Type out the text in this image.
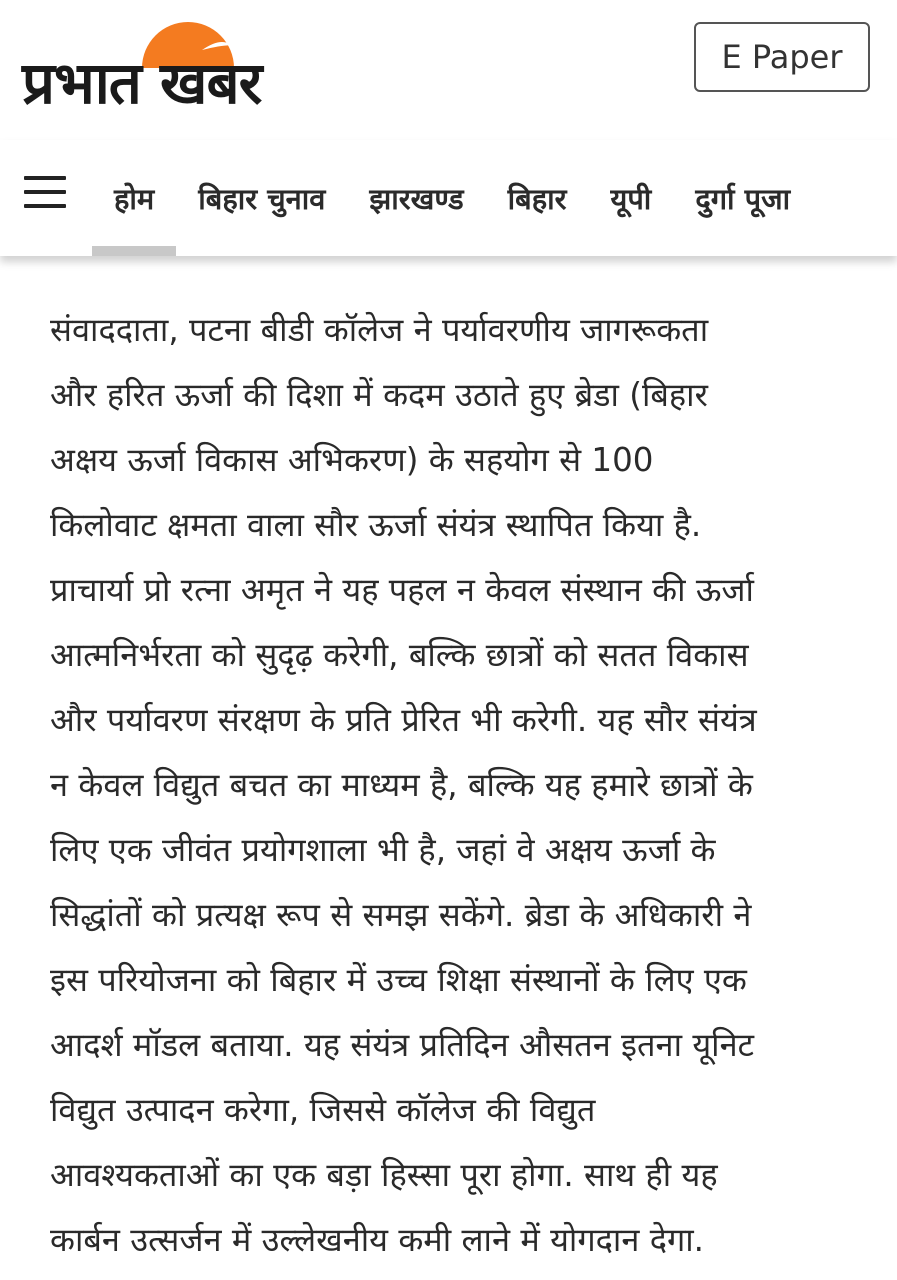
प्रभात खबर	E Paper
होम	बिहार चुनाव	झारखण्ड	बिहार	यूपी	दुर्गा पूजा
संवाददाता, पटना बीडी कॉलेज ने पर्यावरणीय जागरूकता
और हरित ऊर्जा की दिशा में कदम उठाते हुए ब्रेडा (बिहार
अक्षय ऊर्जा विकास अभिकरण) के सहयोग से 100
किलोवाट क्षमता वाला सौर ऊर्जा संयंत्र स्थापित किया है.
प्राचार्या प्रो रत्ना अमृत ने यह पहल न केवल संस्थान की ऊर्जा
आत्मनिर्भरता को सुदृढ़ करेगी, बल्कि छात्रों को सतत विकास
और पर्यावरण संरक्षण के प्रति प्रेरित भी करेगी. यह सौर संयंत्र
न केवल विद्युत बचत का माध्यम है, बल्कि यह हमारे छात्रों के
लिए एक जीवंत प्रयोगशाला भी है, जहां वे अक्षय ऊर्जा के
सिद्धांतों को प्रत्यक्ष रूप से समझ सकेंगे. ब्रेडा के अधिकारी ने
इस परियोजना को बिहार में उच्च शिक्षा संस्थानों के लिए एक
आदर्श मॉडल बताया. यह संयंत्र प्रतिदिन औसतन इतना यूनिट
विद्युत उत्पादन करेगा, जिससे कॉलेज की विद्युत
आवश्यकताओं का एक बड़ा हिस्सा पूरा होगा. साथ ही यह
कार्बन उत्सर्जन में उल्लेखनीय कमी लाने में योगदान देगा.
